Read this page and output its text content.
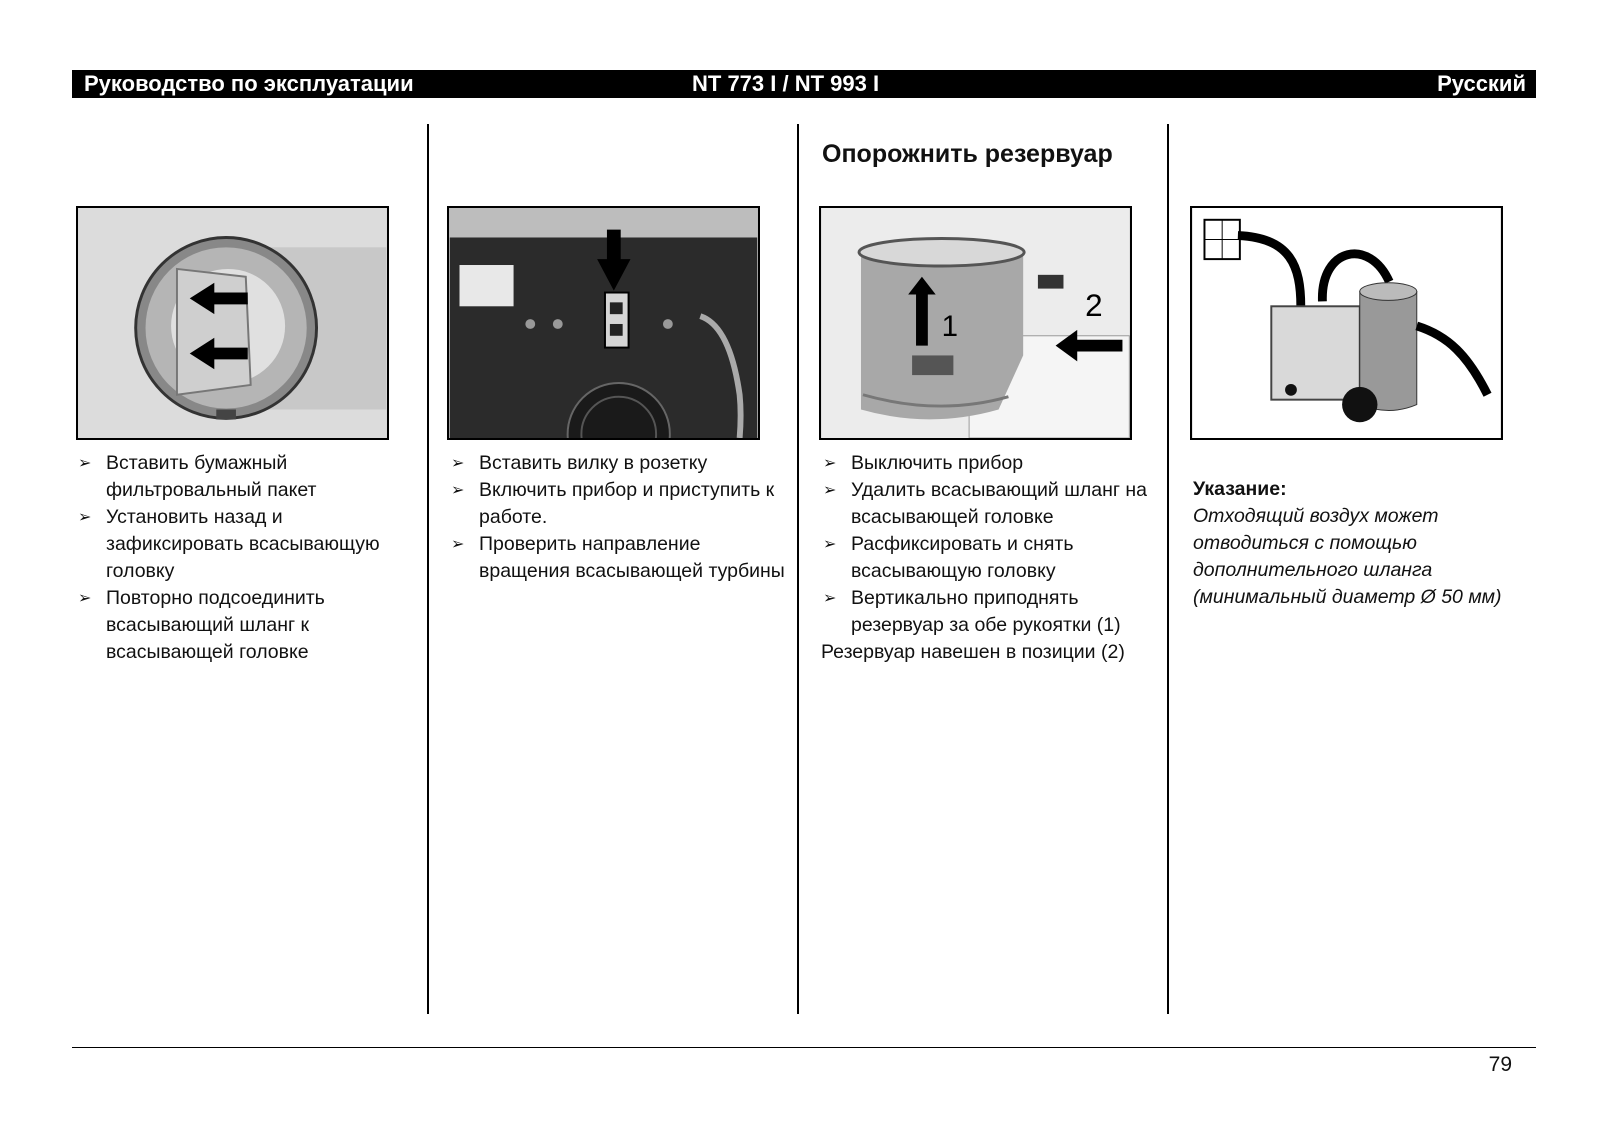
Руководство по эксплуатации	NT 773 I / NT 993 I	Русский
Опорожнить резервуар
1
2
➢ Вставить бумажный фильтровальный пакет
➢ Установить назад и зафиксировать всасывающую головку
➢ Повторно подсоединить всасывающий шланг к всасывающей головке
➢ Вставить вилку в розетку
➢ Включить прибор и приступить к работе.
➢ Проверить направление вращения всасывающей турбины
➢ Выключить прибор
➢ Удалить всасывающий шланг на всасывающей головке
➢ Расфиксировать и снять всасывающую головку
➢ Вертикально приподнять резервуар за обе рукоятки (1)

Резервуар навешен в позиции (2)

Указание:
Отходящий воздух может отводиться с помощью дополнительного шланга (минимальный диаметр Ø 50 мм)
79
